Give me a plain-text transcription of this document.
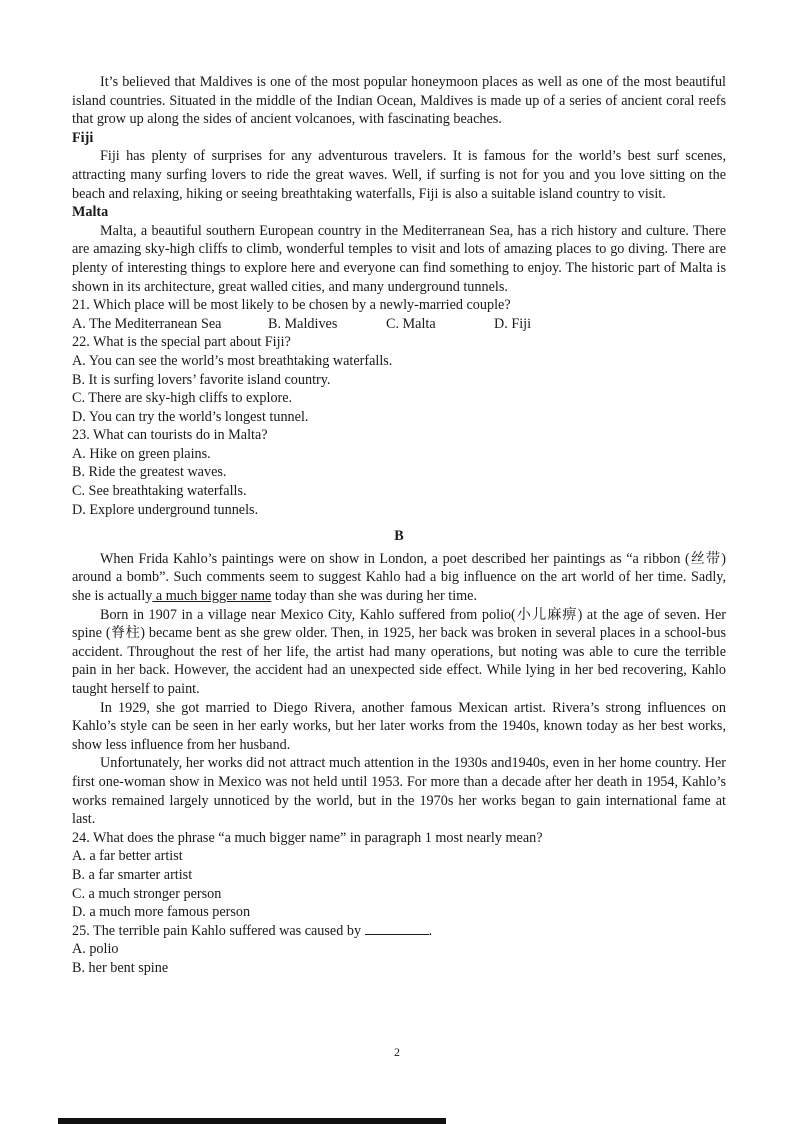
It’s believed that Maldives is one of the most popular honeymoon places as well as one of the most beautiful island countries. Situated in the middle of the Indian Ocean, Maldives is made up of a series of ancient coral reefs that grow up along the sides of ancient volcanoes, with fascinating beaches.

Fiji

Fiji has plenty of surprises for any adventurous travelers. It is famous for the world’s best surf scenes, attracting many surfing lovers to ride the great waves. Well, if surfing is not for you and you love sitting on the beach and relaxing, hiking or seeing breathtaking waterfalls, Fiji is also a suitable island country to visit.

Malta

Malta, a beautiful southern European country in the Mediterranean Sea, has a rich history and culture. There are amazing sky-high cliffs to climb, wonderful temples to visit and lots of amazing places to go diving. There are plenty of interesting things to explore here and everyone can find something to enjoy. The historic part of Malta is shown in its architecture, great walled cities, and many underground tunnels.

21. Which place will be most likely to be chosen by a newly-married couple?
A. The Mediterranean Sea	B. Maldives	C. Malta	D. Fiji
22. What is the special part about Fiji?
A. You can see the world’s most breathtaking waterfalls.
B. It is surfing lovers’ favorite island country.
C. There are sky-high cliffs to explore.
D. You can try the world’s longest tunnel.
23. What can tourists do in Malta?
A. Hike on green plains.
B. Ride the greatest waves.
C. See breathtaking waterfalls.
D. Explore underground tunnels.
B

When Frida Kahlo’s paintings were on show in London, a poet described her paintings as “a ribbon (丝带) around a bomb”. Such comments seem to suggest Kahlo had a big influence on the art world of her time. Sadly, she is actually a much bigger name today than she was during her time.

Born in 1907 in a village near Mexico City, Kahlo suffered from polio(小儿麻痹) at the age of seven. Her spine (脊柱) became bent as she grew older. Then, in 1925, her back was broken in several places in a school-bus accident. Throughout the rest of her life, the artist had many operations, but noting was able to cure the terrible pain in her back. However, the accident had an unexpected side effect. While lying in her bed recovering, Kahlo taught herself to paint.

In 1929, she got married to Diego Rivera, another famous Mexican artist. Rivera’s strong influences on Kahlo’s style can be seen in her early works, but her later works from the 1940s, known today as her best works, show less influence from her husband.

Unfortunately, her works did not attract much attention in the 1930s and1940s, even in her home country. Her first one-woman show in Mexico was not held until 1953. For more than a decade after her death in 1954, Kahlo’s works remained largely unnoticed by the world, but in the 1970s her works began to gain international fame at last.

24. What does the phrase “a much bigger name” in paragraph 1 most nearly mean?
A. a far better artist
B. a far smarter artist
C. a much stronger person
D. a much more famous person
25. The terrible pain Kahlo suffered was caused by	.
A. polio
B. her bent spine
2
